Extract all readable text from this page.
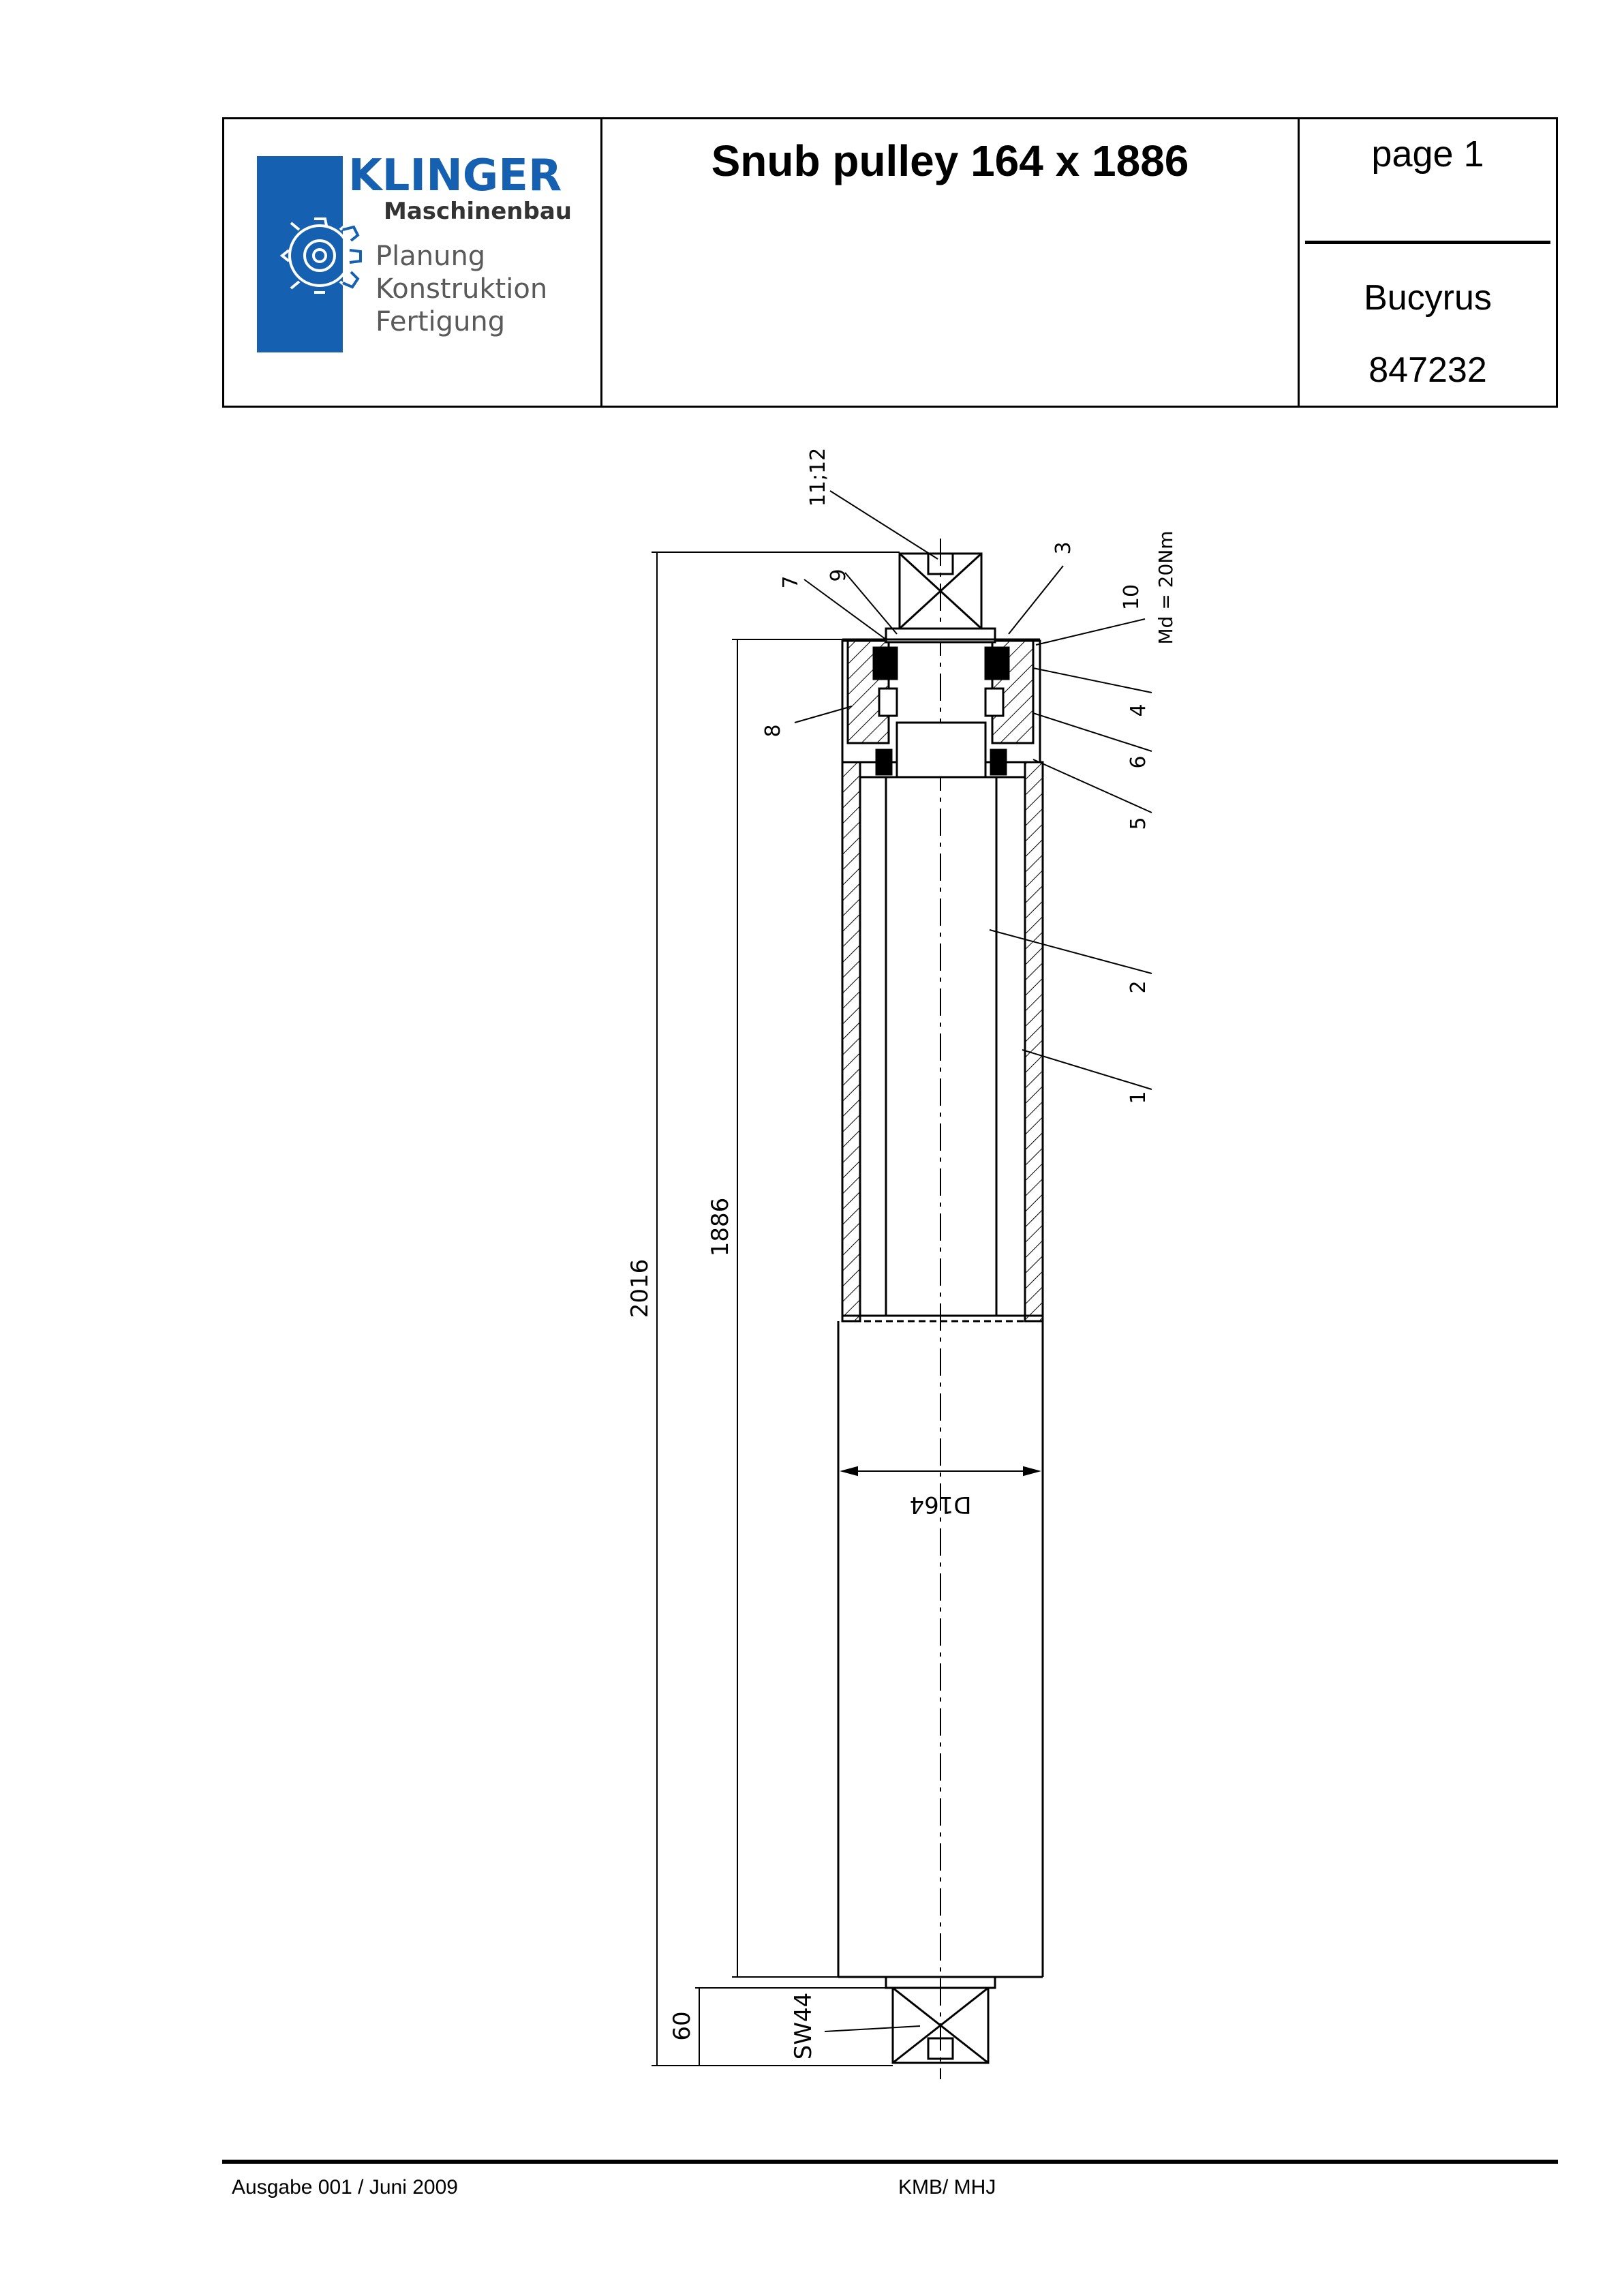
KLINGER
Maschinenbau
Planung
Konstruktion
Fertigung
Snub pulley 164 x 1886	page 1
Bucyrus
847232
D164
2016
1886
60	SW44
11;12
7
9
3
10
8
4
6
5
2
1
Md = 20Nm
Ausgabe 001 / Juni 2009	KMB/ MHJ
